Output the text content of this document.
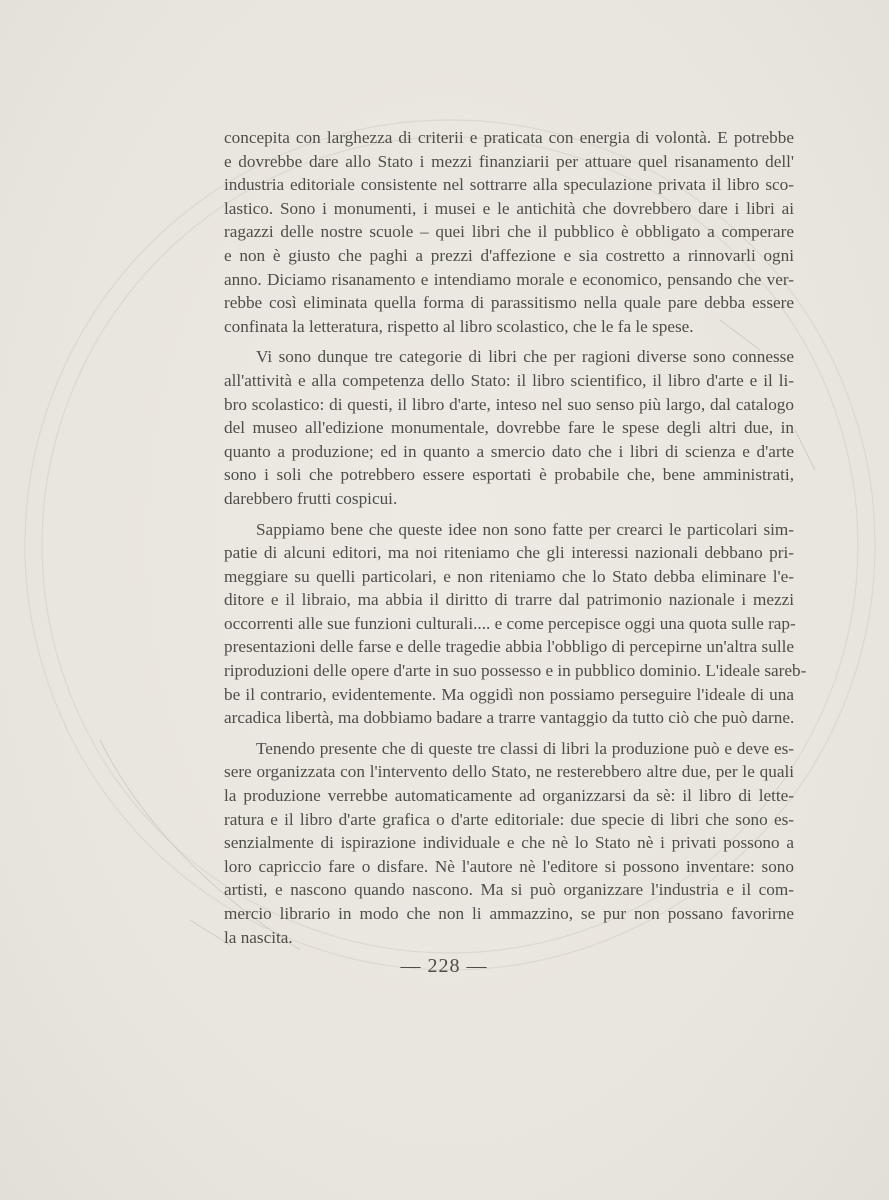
concepita con larghezza di criterii e praticata con energia di volontà. E potrebbe
e dovrebbe dare allo Stato i mezzi finanziarii per attuare quel risanamento dell'
industria editoriale consistente nel sottrarre alla speculazione privata il libro sco-
lastico. Sono i monumenti, i musei e le antichità che dovrebbero dare i libri ai
ragazzi delle nostre scuole – quei libri che il pubblico è obbligato a comperare
e non è giusto che paghi a prezzi d'affezione e sia costretto a rinnovarli ogni
anno. Diciamo risanamento e intendiamo morale e economico, pensando che ver-
rebbe così eliminata quella forma di parassitismo nella quale pare debba essere
confinata la letteratura, rispetto al libro scolastico, che le fa le spese.
Vi sono dunque tre categorie di libri che per ragioni diverse sono connesse
all'attività e alla competenza dello Stato: il libro scientifico, il libro d'arte e il li-
bro scolastico: di questi, il libro d'arte, inteso nel suo senso più largo, dal catalogo
del museo all'edizione monumentale, dovrebbe fare le spese degli altri due, in
quanto a produzione; ed in quanto a smercio dato che i libri di scienza e d'arte
sono i soli che potrebbero essere esportati è probabile che, bene amministrati,
darebbero frutti cospicui.
Sappiamo bene che queste idee non sono fatte per crearci le particolari sim-
patie di alcuni editori, ma noi riteniamo che gli interessi nazionali debbano pri-
meggiare su quelli particolari, e non riteniamo che lo Stato debba eliminare l'e-
ditore e il libraio, ma abbia il diritto di trarre dal patrimonio nazionale i mezzi
occorrenti alle sue funzioni culturali.... e come percepisce oggi una quota sulle rap-
presentazioni delle farse e delle tragedie abbia l'obbligo di percepirne un'altra sulle
riproduzioni delle opere d'arte in suo possesso e in pubblico dominio. L'ideale sareb-
be il contrario, evidentemente. Ma oggidì non possiamo perseguire l'ideale di una
arcadica libertà, ma dobbiamo badare a trarre vantaggio da tutto ciò che può darne.
Tenendo presente che di queste tre classi di libri la produzione può e deve es-
sere organizzata con l'intervento dello Stato, ne resterebbero altre due, per le quali
la produzione verrebbe automaticamente ad organizzarsi da sè: il libro di lette-
ratura e il libro d'arte grafica o d'arte editoriale: due specie di libri che sono es-
senzialmente di ispirazione individuale e che nè lo Stato nè i privati possono a
loro capriccio fare o disfare. Nè l'autore nè l'editore si possono inventare: sono
artisti, e nascono quando nascono. Ma si può organizzare l'industria e il com-
mercio librario in modo che non li ammazzino, se pur non possano favorirne
la nascita.
— 228 —
